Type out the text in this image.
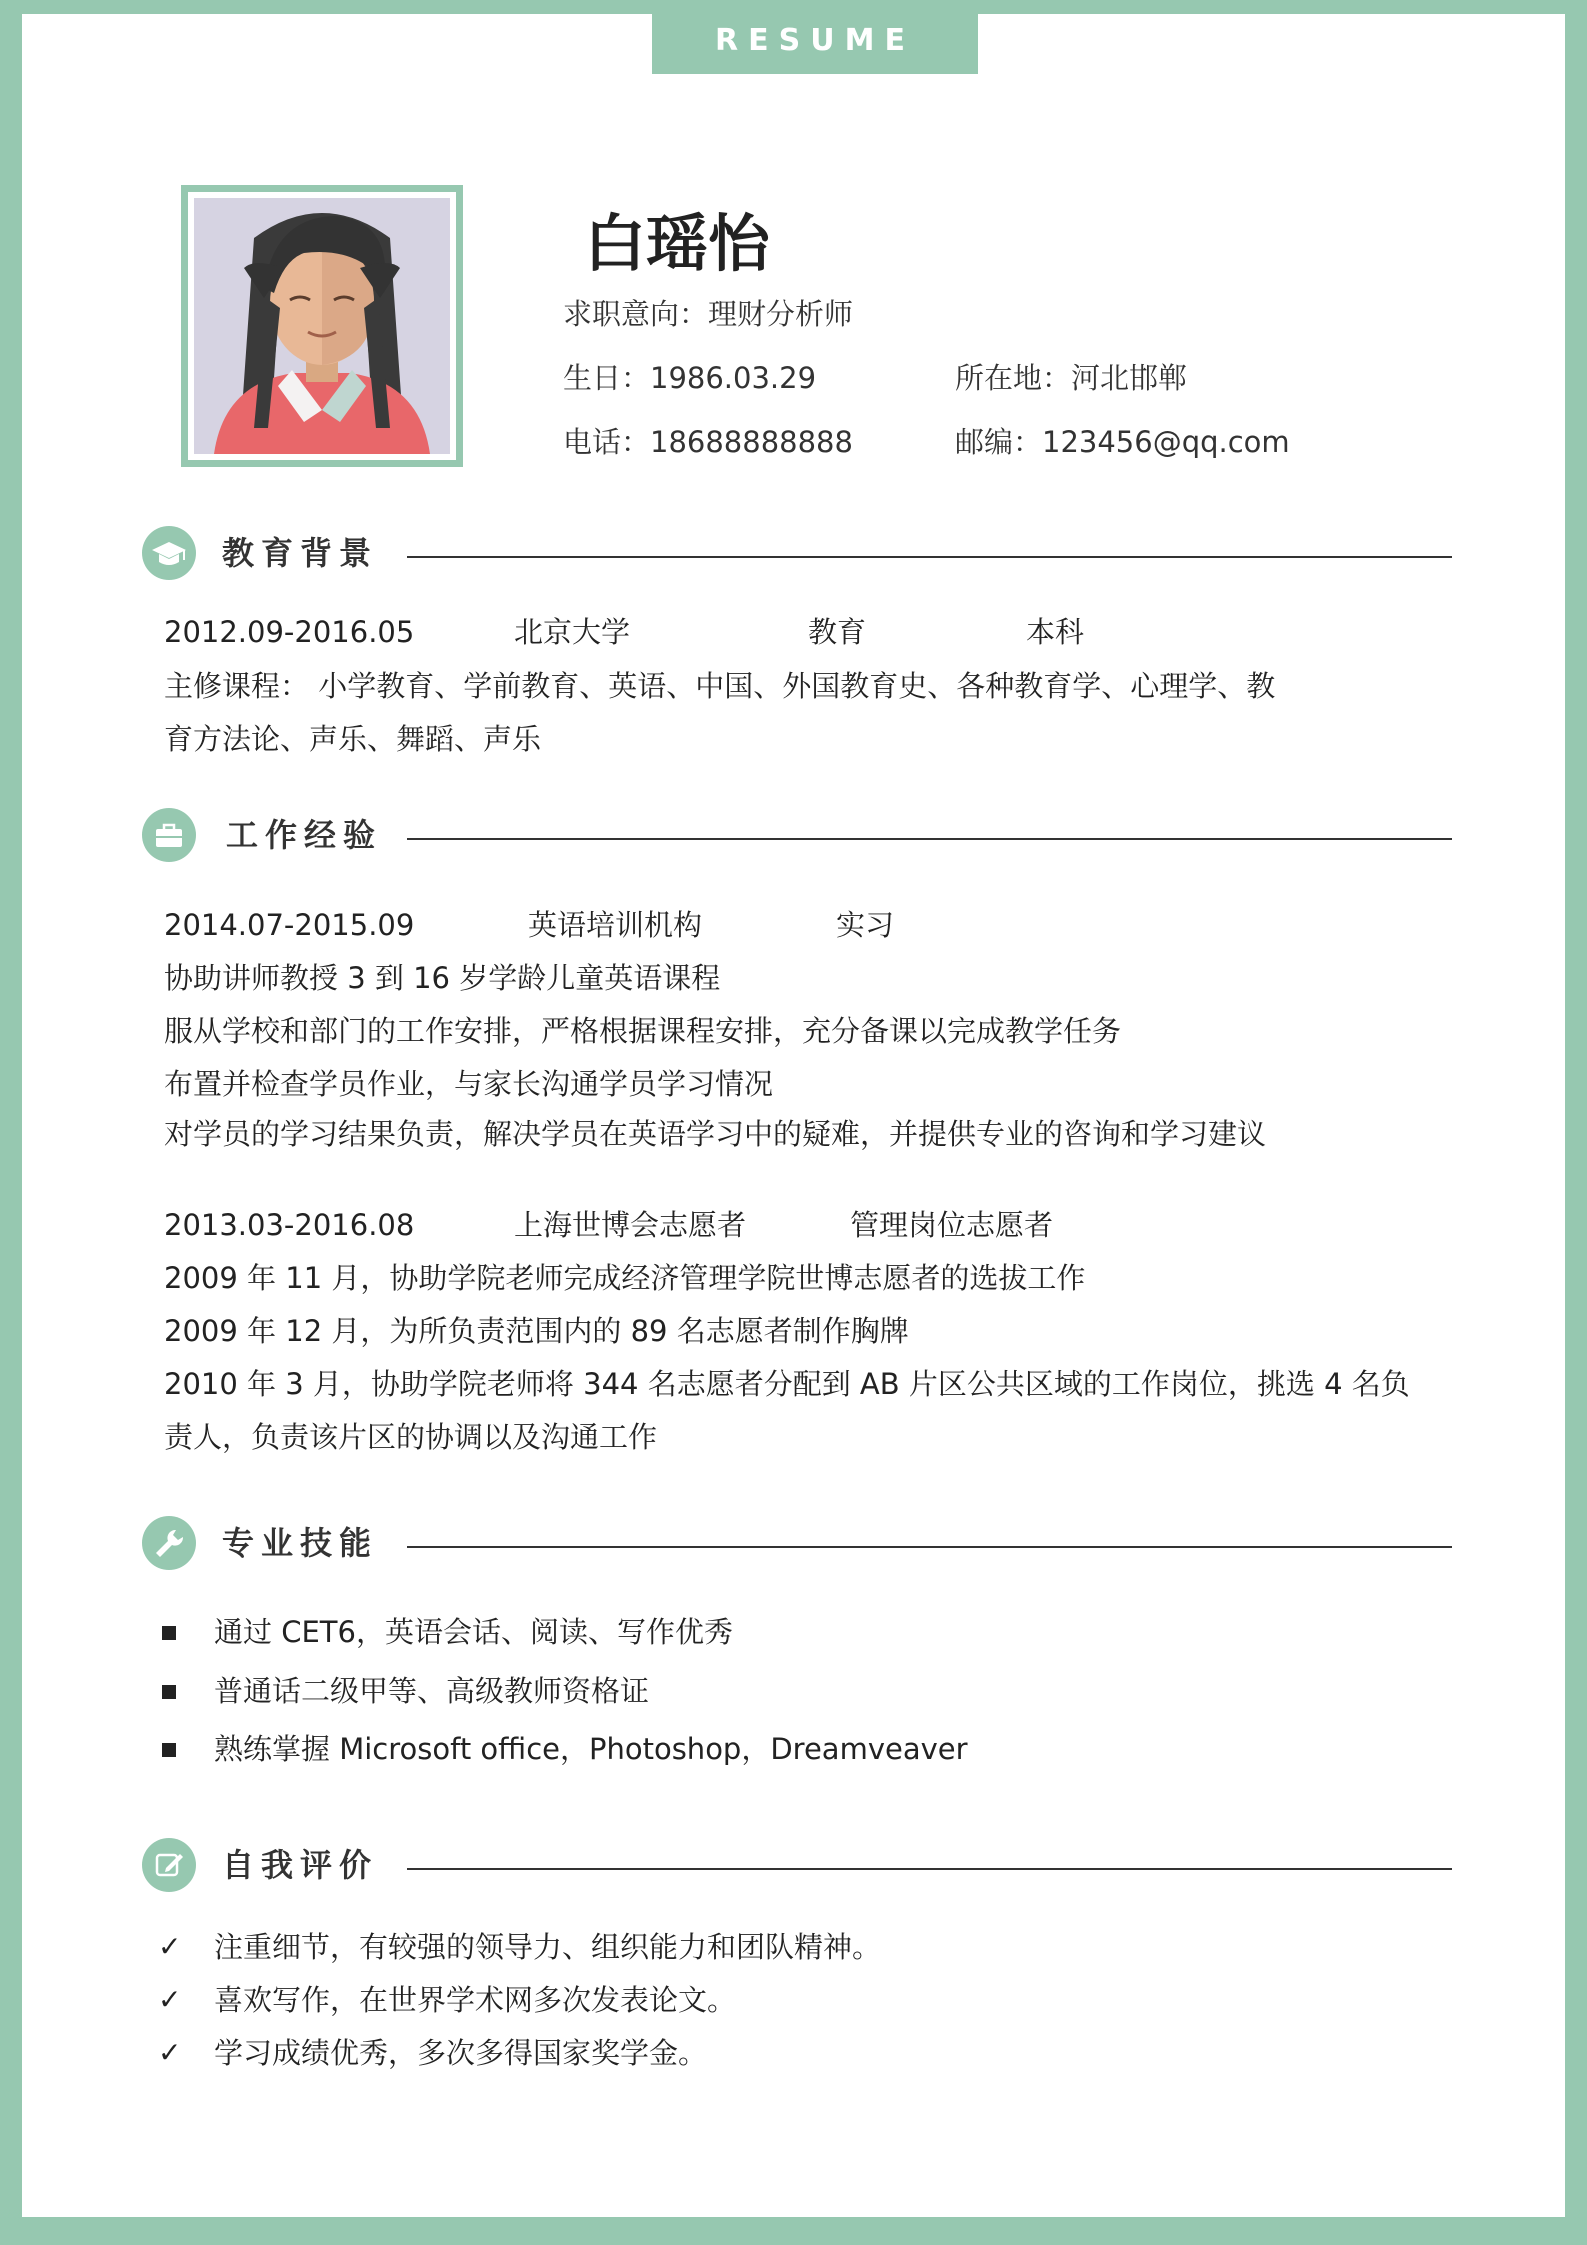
RESUME
白瑶怡
求职意向：理财分析师
生日：1986.03.29	所在地：河北邯郸
电话：18688888888	邮编：123456@qq.com
教育背景
2012.09-2016.05	北京大学	教育	本科
主修课程： 小学教育、学前教育、英语、中国、外国教育史、各种教育学、心理学、教
育方法论、声乐、舞蹈、声乐
工作经验
2014.07-2015.09	英语培训机构	实习
协助讲师教授 3 到 16 岁学龄儿童英语课程
服从学校和部门的工作安排，严格根据课程安排，充分备课以完成教学任务
布置并检查学员作业，与家长沟通学员学习情况
对学员的学习结果负责，解决学员在英语学习中的疑难，并提供专业的咨询和学习建议
2013.03-2016.08	上海世博会志愿者	管理岗位志愿者
2009 年 11 月，协助学院老师完成经济管理学院世博志愿者的选拔工作
2009 年 12 月，为所负责范围内的 89 名志愿者制作胸牌
2010 年 3 月，协助学院老师将 344 名志愿者分配到 AB 片区公共区域的工作岗位，挑选 4 名负
责人，负责该片区的协调以及沟通工作
专业技能
通过 CET6，英语会话、阅读、写作优秀
普通话二级甲等、高级教师资格证
熟练掌握 Microsoft office，Photoshop，Dreamveaver
自我评价
✓ 注重细节，有较强的领导力、组织能力和团队精神。
✓ 喜欢写作，在世界学术网多次发表论文。
✓ 学习成绩优秀，多次多得国家奖学金。
